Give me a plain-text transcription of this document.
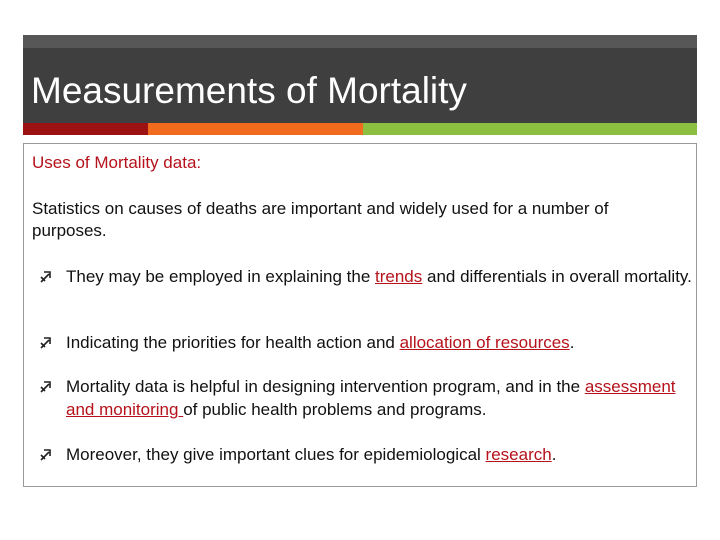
Measurements of Mortality
Uses of Mortality data:
Statistics on causes of deaths are important and widely used for a number of purposes.
They may be employed in explaining the trends and differentials in overall mortality.
Indicating the priorities for health action and allocation of resources.
Mortality data is helpful in designing intervention program, and in the assessment and monitoring of public health problems and programs.
Moreover, they give important clues for epidemiological research.
